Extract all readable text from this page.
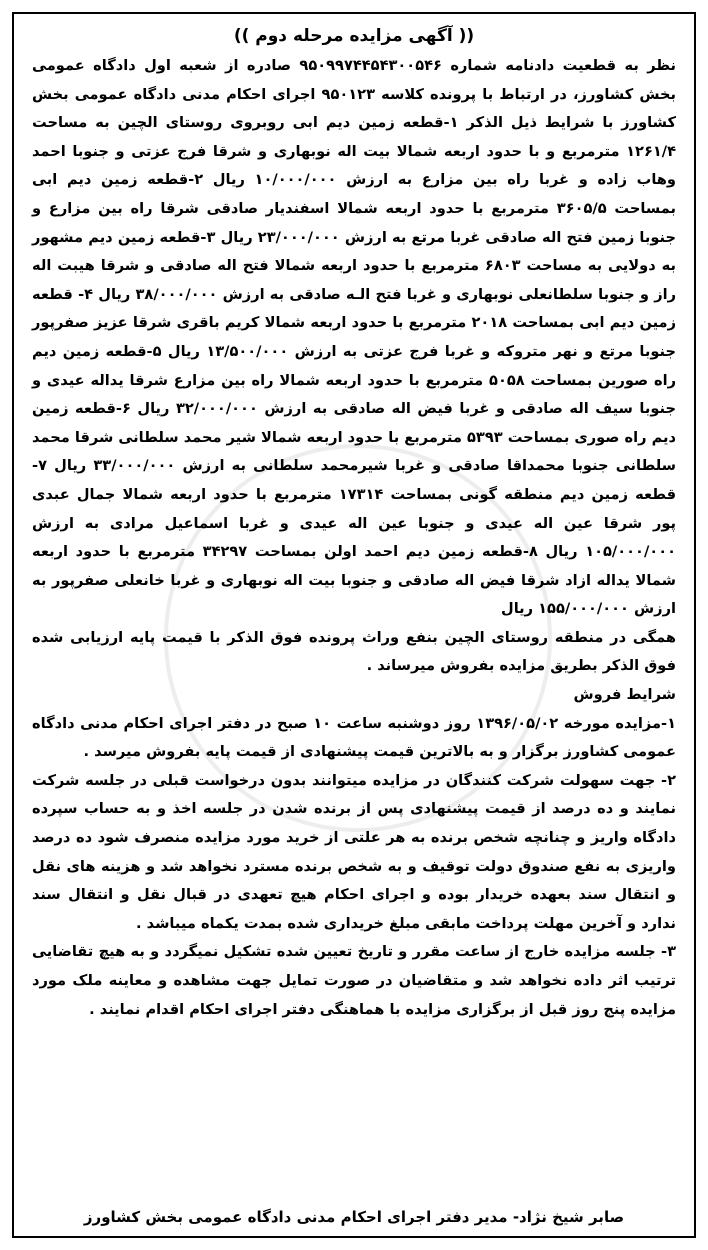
(( آگهی مزایده مرحله دوم ))

نظر به قطعیت دادنامه شماره ۹۵۰۹۹۷۴۴۵۴۳۰۰۵۴۶ صادره از شعبه اول دادگاه عمومی بخش کشاورز، در ارتباط با پرونده کلاسه ۹۵۰۱۲۳ اجرای احکام مدنی دادگاه عمومی بخش کشاورز با شرایط ذیل الذکر ۱-قطعه زمین دیم ابی روبروی روستای الچین به مساحت ۱۲۶۱/۴ مترمربع و با حدود اربعه شمالا بیت اله نوبهاری و شرقا فرج عزتی و جنوبا احمد وهاب زاده و غربا راه بین مزارع به ارزش ۱۰/۰۰۰/۰۰۰ ریال ۲-قطعه زمین دیم ابی بمساحت ۳۶۰۵/۵ مترمربع با حدود اربعه شمالا اسفندیار صادقی شرقا راه بین مزارع و جنوبا زمین فتح اله صادقی غربا مرتع به ارزش ۲۳/۰۰۰/۰۰۰ ریال ۳-قطعه زمین دیم مشهور به دولایی به مساحت ۶۸۰۳ مترمربع با حدود اربعه شمالا فتح اله صادقی و شرقا هیبت اله راز و جنوبا سلطانعلی نوبهاری و غربا فتح الـه صادقی به ارزش ۳۸/۰۰۰/۰۰۰ ریال ۴- قطعه زمین دیم ابی بمساحت ۲۰۱۸ مترمربع با حدود اربعه شمالا کریم باقری شرقا عزیز صفرپور جنوبا مرتع و نهر متروکه و غربا فرج عزتی به ارزش ۱۳/۵۰۰/۰۰۰ ریال ۵-قطعه زمین دیم راه صورین بمساحت ۵۰۵۸ مترمربع با حدود اربعه شمالا راه بین مزارع شرقا یداله عیدی و جنوبا سیف اله صادقی و غربا فیض اله صادقی به ارزش ۳۲/۰۰۰/۰۰۰ ریال ۶-قطعه زمین دیم راه صوری بمساحت ۵۳۹۳ مترمربع با حدود اربعه شمالا شیر محمد سلطانی شرقا محمد سلطانی جنوبا محمداقا صادقی و غربا شیرمحمد سلطانی به ارزش ۳۳/۰۰۰/۰۰۰ ریال ۷-قطعه زمین دیم منطقه گونی بمساحت ۱۷۳۱۴ مترمربع با حدود اربعه شمالا جمال عبدی پور شرقا عین اله عیدی و جنوبا عین اله عیدی و غربا اسماعیل مرادی به ارزش ۱۰۵/۰۰۰/۰۰۰ ریال ۸-قطعه زمین دیم احمد اولن بمساحت ۳۴۲۹۷ مترمربع با حدود اربعه شمالا یداله ازاد شرقا فیض اله صادقی و جنوبا بیت اله نوبهاری و غربا خانعلی صفرپور به ارزش ۱۵۵/۰۰۰/۰۰۰ ریال

همگی در منطقه روستای الچین بنفع وراث پرونده فوق الذکر با قیمت پایه ارزیابی شده فوق الذکر بطریق مزایده بفروش میرساند .

شرایط فروش

۱-مزایده مورخه ۱۳۹۶/۰۵/۰۲ روز دوشنبه ساعت ۱۰ صبح در دفتر اجرای احکام مدنی دادگاه عمومی کشاورز برگزار و به بالاترین قیمت پیشنهادی از قیمت پایه بفروش میرسد .

۲- جهت سهولت شرکت کنندگان در مزایده میتوانند بدون درخواست قبلی در جلسه شرکت نمایند و ده درصد از قیمت پیشنهادی پس از برنده شدن در جلسه اخذ و به حساب سپرده دادگاه واریز و چنانچه شخص برنده به هر علتی از خرید مورد مزایده منصرف شود ده درصد واریزی به نفع صندوق دولت توقیف و به شخص برنده مسترد نخواهد شد و هزینه های نقل و انتقال سند بعهده خریدار بوده و اجرای احکام هیچ تعهدی در قبال نقل و انتقال سند ندارد و آخرین مهلت پرداخت مابقی مبلغ خریداری شده بمدت یکماه میباشد .

۳- جلسه مزایده خارج از ساعت مقرر و تاریخ تعیین شده تشکیل نمیگردد و به هیچ تقاضایی ترتیب اثر داده نخواهد شد و متقاضیان در صورت تمایل جهت مشاهده و معاینه ملک مورد مزایده پنج روز قبل از برگزاری مزایده با هماهنگی دفتر اجرای احکام اقدام نمایند .

صابر شیخ نژاد- مدیر دفتر اجرای احکام مدنی دادگاه عمومی بخش کشاورز
